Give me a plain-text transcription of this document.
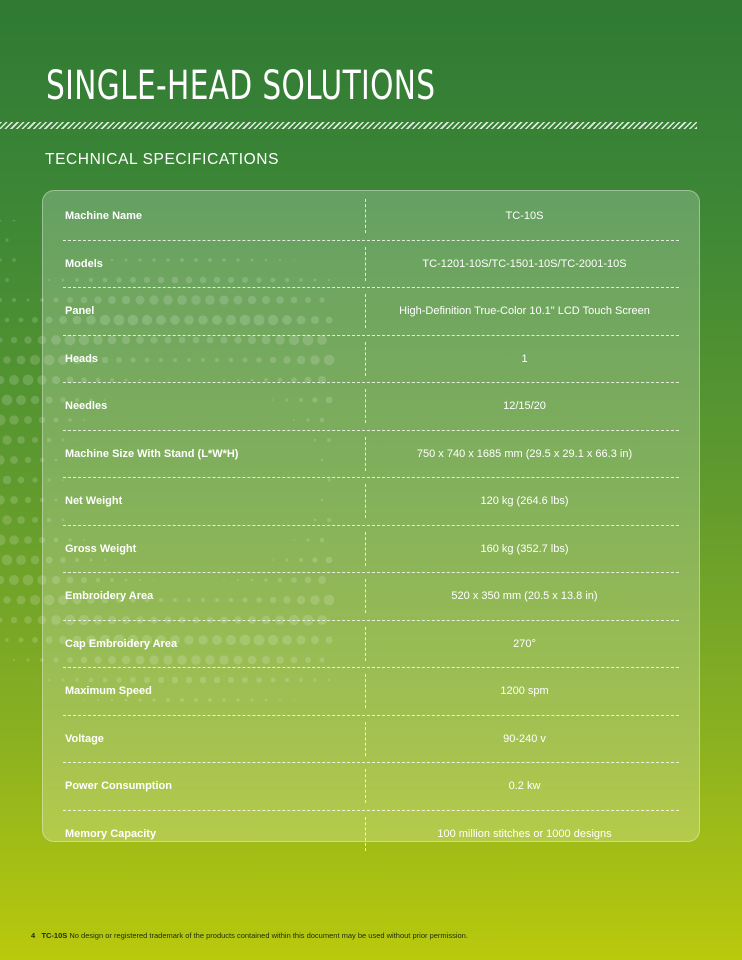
SINGLE-HEAD SOLUTIONS
TECHNICAL SPECIFICATIONS
Machine Name	TC-10S
Models	TC-1201-10S/TC-1501-10S/TC-2001-10S
Panel	High-Definition True-Color 10.1" LCD Touch Screen
Heads	1
Needles	12/15/20
Machine Size With Stand (L*W*H)	750 x 740 x 1685 mm (29.5 x 29.1 x 66.3 in)
Net Weight	120 kg (264.6 lbs)
Gross Weight	160 kg (352.7 lbs)
Embroidery Area	520 x 350 mm (20.5 x 13.8 in)
Cap Embroidery Area	270°
Maximum Speed	1200 spm
Voltage	90-240 v
Power Consumption	0.2 kw
Memory Capacity	100 million stitches or 1000 designs
4 TC-10S No design or registered trademark of the products contained within this document may be used without prior permission.
